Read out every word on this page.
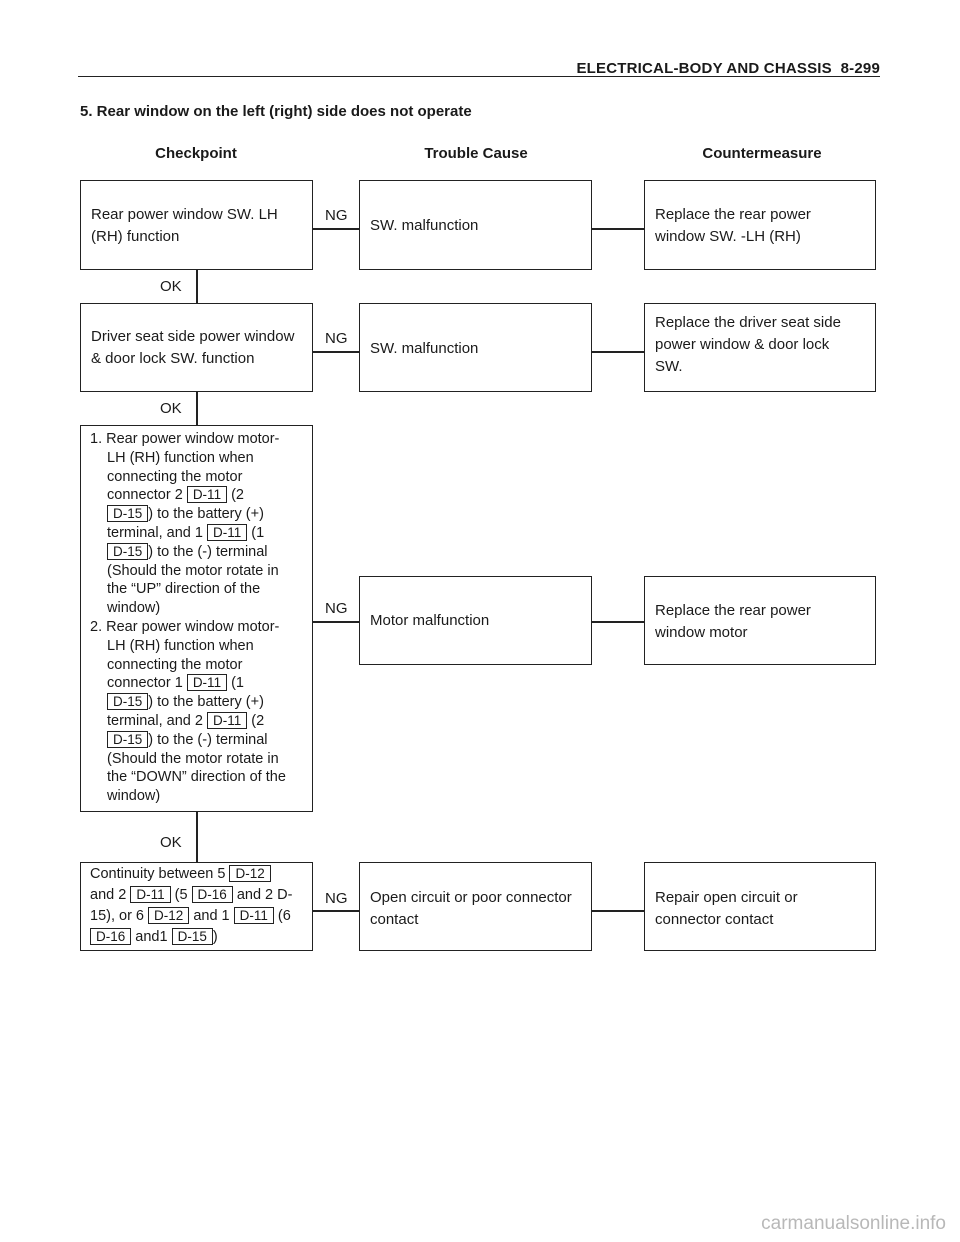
ELECTRICAL-BODY AND CHASSIS 8-299
5. Rear window on the left (right) side does not operate
Checkpoint	Trouble Cause	Countermeasure
Rear power window SW. LH
(RH) function
NG
SW. malfunction
Replace the rear power
window SW. -LH (RH)
OK
Driver seat side power window
& door lock SW. function
NG
SW. malfunction
Replace the driver seat side
power window & door lock
SW.
OK
1. Rear power window motor-
LH (RH) function when
connecting the motor
connector 2 D-11 (2
D-15 ) to the battery (+)
terminal, and 1 D-11 (1
D-15 ) to the (-) terminal
(Should the motor rotate in
the “UP” direction of the
window)
2. Rear power window motor-
LH (RH) function when
connecting the motor
connector 1 D-11 (1
D-15 ) to the battery (+)
terminal, and 2 D-11 (2
D-15 ) to the (-) terminal
(Should the motor rotate in
the “DOWN” direction of the
window)
NG
Motor malfunction
Replace the rear power
window motor
OK
Continuity between 5 D-12
and 2 D-11 (5 D-16 and 2 D-
15), or 6 D-12 and 1 D-11 (6
D-16 and1 D-15 )
NG Open circuit or poor connector
contact
Repair open circuit or
connector contact
carmanualsonline.info
